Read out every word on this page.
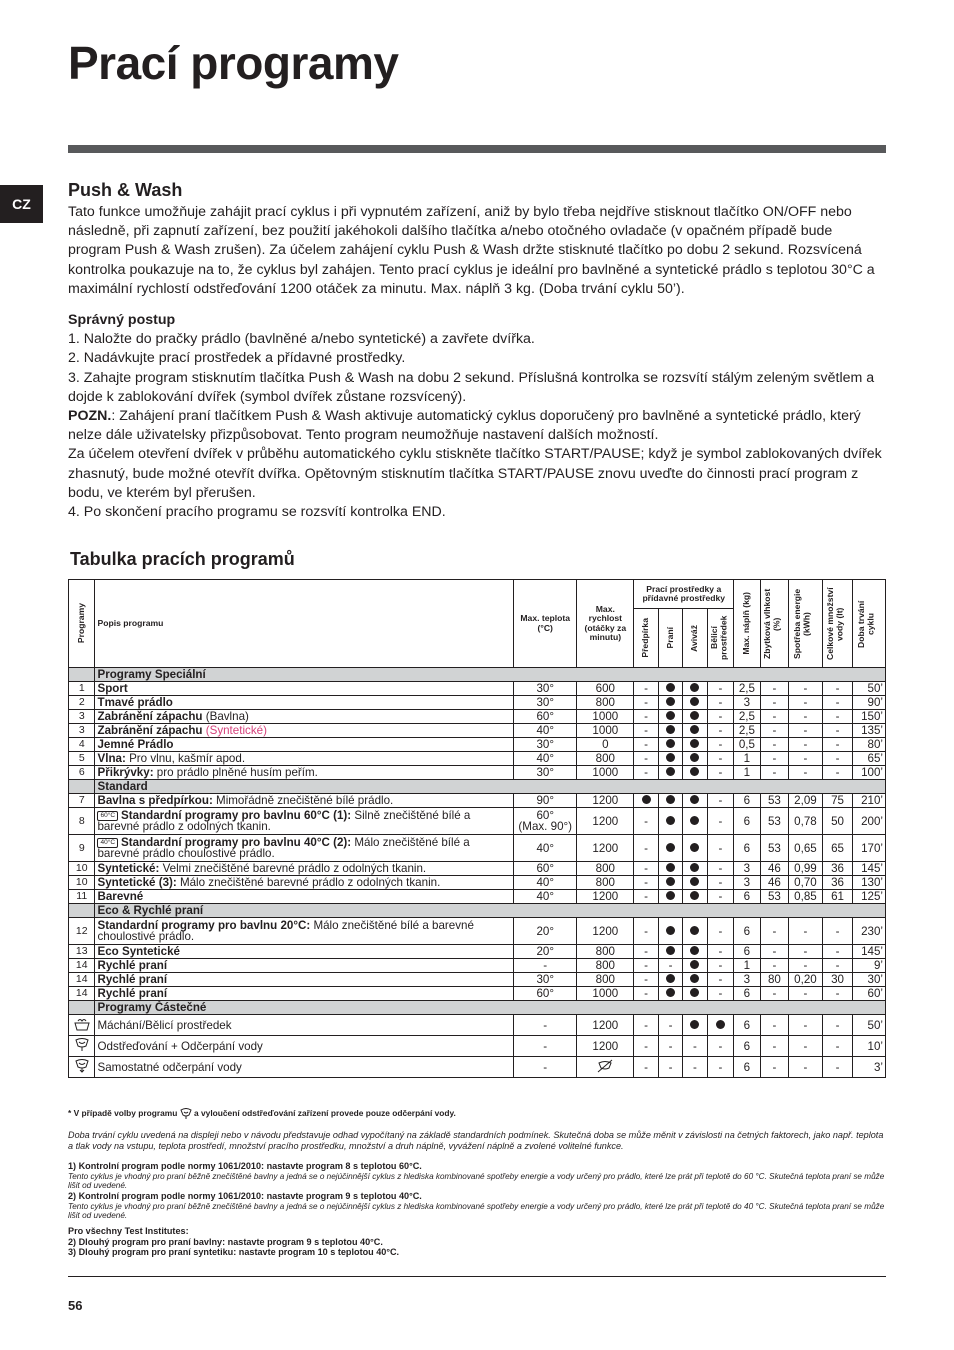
Prací programy
CZ
Push & Wash

Tato funkce umožňuje zahájit prací cyklus i při vypnutém zařízení, aniž by bylo třeba nejdříve stisknout tlačítko ON/OFF nebo následně, při zapnutí zařízení, bez použití jakéhokoli dalšího tlačítka a/nebo otočného ovladače (v opačném případě bude program Push & Wash zrušen). Za účelem zahájení cyklu Push & Wash držte stisknuté tlačítko po dobu 2 sekund. Rozsvícená kontrolka poukazuje na to, že cyklus byl zahájen. Tento prací cyklus je ideální pro bavlněné a syntetické prádlo s teplotou 30°C a maximální rychlostí odstřeďování 1200 otáček za minutu. Max. náplň 3 kg. (Doba trvání cyklu 50’).

Správný postup

1. Naložte do pračky prádlo (bavlněné a/nebo syntetické) a zavřete dvířka.

2. Nadávkujte prací prostředek a přídavné prostředky.

3. Zahajte program stisknutím tlačítka Push & Wash na dobu 2 sekund. Příslušná kontrolka se rozsvítí stálým zeleným světlem a dojde k zablokování dvířek (symbol dvířek zůstane rozsvícený).

POZN.: Zahájení praní tlačítkem Push & Wash aktivuje automatický cyklus doporučený pro bavlněné a syntetické prádlo, který nelze dále uživatelsky přizpůsobovat. Tento program neumožňuje nastavení dalších možností.

Za účelem otevření dvířek v průběhu automatického cyklu stiskněte tlačítko START/PAUSE; když je symbol zablokovaných dvířek zhasnutý, bude možné otevřít dvířka. Opětovným stisknutím tlačítka START/PAUSE znovu uveďte do činnosti prací program z bodu, ve kterém byl přerušen.

4. Po skončení pracího programu se rozsvítí kontrolka END.

Tabulka pracích programů
Programy	Popis programu	Max. teplota (°C)	Max. rychlost (otáčky za minutu)	Prací prostředky a přídavné prostředky				Max. náplň (kg)	Zbytková vlhkost (%)	Spotřeba energie (kWh)	Celkové množství vody (lt)	Doba trvání cyklu

				Předpírka	Praní	Aviváž	Bělicí prostředek					

	Programy Speciální											
1	Sport	30°	600	-			-	2,5	-	-	-	50’
2	Tmavé prádlo	30°	800	-			-	3	-	-	-	90’
3	Zabránění zápachu (Bavlna)	60°	1000	-			-	2,5	-	-	-	150’
3	Zabránění zápachu (Syntetické)	40°	1000	-			-	2,5	-	-	-	135’
4	Jemné Prádlo	30°	0	-			-	0,5	-	-	-	80’
5	Vlna: Pro vlnu, kašmír apod.	40°	800	-			-	1	-	-	-	65’
6	Přikrývky: pro prádlo plněné husím peřím.	30°	1000	-			-	1	-	-	-	100’
	Standard											
7	Bavlna s předpírkou: Mimořádně znečištěné bílé prádlo.	90°	1200				-	6	53	2,09	75	210’
8	60°C Standardní programy pro bavlnu 60°C (1): Silně znečištěné bílé a barevné prádlo z odolných tkanin.	60°
(Max. 90°)	1200	-			-	6	53	0,78	50	200’
9	40°C Standardní programy pro bavlnu 40°C (2): Málo znečištěné bílé a barevné prádlo choulostivé prádlo.	40°	1200	-			-	6	53	0,65	65	170’
10	Syntetické: Velmi znečištěné barevné prádlo z odolných tkanin.	60°	800	-			-	3	46	0,99	36	145’
10	Syntetické (3): Málo znečištěné barevné prádlo z odolných tkanin.	40°	800	-			-	3	46	0,70	36	130’
11	Barevné	40°	1200	-			-	6	53	0,85	61	125’
	Eco & Rychlé praní											
12	Standardní programy pro bavlnu 20°C: Málo znečištěné bílé a barevné choulostivé prádlo.	20°	1200	-			-	6	-	-	-	230’
13	Eco Syntetické	20°	800	-			-	6	-	-	-	145’
14	Rychlé praní	-	800	-	-		-	1	-	-	-	9’
14	Rychlé praní	30°	800	-			-	3	80	0,20	30	30’
14	Rychlé praní	60°	1000	-			-	6	-	-	-	60’
	Programy Částečné											
	Máchání/Bělicí prostředek	-	1200	-	-			6	-	-	-	50’
	Odstřeďování + Odčerpání vody	-	1200	-	-	-	-	6	-	-	-	10’
	Samostatné odčerpání vody	-		-	-	-	-	6	-	-	-	3’

* V případě volby programu a vyloučení odstřeďování zařízení provede pouze odčerpání vody.

Doba trvání cyklu uvedená na displeji nebo v návodu představuje odhad vypočítaný na základě standardních podmínek. Skutečná doba se může měnit v závislosti na četných faktorech, jako např. teplota a tlak vody na vstupu, teplota prostředí, množství pracího prostředku, množství a druh náplně, vyvážení náplně a zvolené volitelné funkce.

1) Kontrolní program podle normy 1061/2010: nastavte program 8 s teplotou 60°C.

Tento cyklus je vhodný pro praní běžně znečištěné bavlny a jedná se o nejúčinnější cyklus z hlediska kombinované spotřeby energie a vody určený pro prádlo, které lze prát při teplotě do 60 °C. Skutečná teplota praní se může lišit od uvedené.

2) Kontrolní program podle normy 1061/2010: nastavte program 9 s teplotou 40°C.

Tento cyklus je vhodný pro praní běžně znečištěné bavlny a jedná se o nejúčinnější cyklus z hlediska kombinované spotřeby energie a vody určený pro prádlo, které lze prát při teplotě do 40 °C. Skutečná teplota praní se může lišit od uvedené.

Pro všechny Test Institutes:

2) Dlouhý program pro praní bavlny: nastavte program 9 s teplotou 40°C.

3) Dlouhý program pro praní syntetiku: nastavte program 10 s teplotou 40°C.

56
